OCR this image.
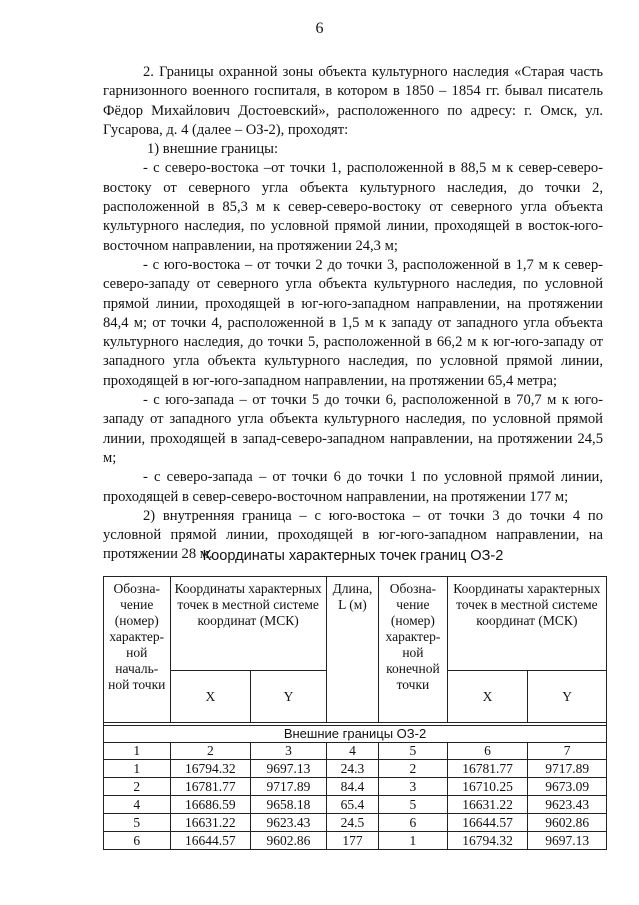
6

2. Границы охранной зоны объекта культурного наследия «Старая часть гарнизонного военного госпиталя, в котором в 1850 – 1854 гг. бывал писатель Фёдор Михайлович Достоевский», расположенного по адресу: г. Омск, ул. Гусарова, д. 4 (далее – ОЗ-2), проходят:

1) внешние границы:

- с северо-востока –от точки 1, расположенной в 88,5 м к север-северо-востоку от северного угла объекта культурного наследия, до точки 2, расположенной в 85,3 м к север-северо-востоку от северного угла объекта культурного наследия, по условной прямой линии, проходящей в восток-юго-восточном направлении, на протяжении 24,3 м;

- с юго-востока – от точки 2 до точки 3, расположенной в 1,7 м к север-северо-западу от северного угла объекта культурного наследия, по условной прямой линии, проходящей в юг-юго-западном направлении, на протяжении 84,4 м; от точки 4, расположенной в 1,5 м к западу от западного угла объекта культурного наследия, до точки 5, расположенной в 66,2 м к юг-юго-западу от западного угла объекта культурного наследия, по условной прямой линии, проходящей в юг-юго-западном направлении, на протяжении 65,4 метра;

- с юго-запада – от точки 5 до точки 6, расположенной в 70,7 м к юго-западу от западного угла объекта культурного наследия, по условной прямой линии, проходящей в запад-северо-западном направлении, на протяжении 24,5 м;

- с северо-запада – от точки 6 до точки 1 по условной прямой линии, проходящей в север-северо-восточном направлении, на протяжении 177 м;

2) внутренняя граница – с юго-востока – от точки 3 до точки 4 по условной прямой линии, проходящей в юг-юго-западном направлении, на протяжении 28 м.

Координаты характерных точек границ ОЗ-2
Обозна-чение (номер) характер-ной началь-ной точки	Координаты характерных точек в местной системе координат (МСК)		Длина, L (м)	Обозна-чение (номер) характер-ной конечной точки	Координаты характерных точек в местной системе координат (МСК)	
	X	Y			X	Y

Внешние границы ОЗ-2						
1	2	3	4	5	6	7
1	16794.32	9697.13	24.3	2	16781.77	9717.89
2	16781.77	9717.89	84.4	3	16710.25	9673.09
4	16686.59	9658.18	65.4	5	16631.22	9623.43
5	16631.22	9623.43	24.5	6	16644.57	9602.86
6	16644.57	9602.86	177	1	16794.32	9697.13
